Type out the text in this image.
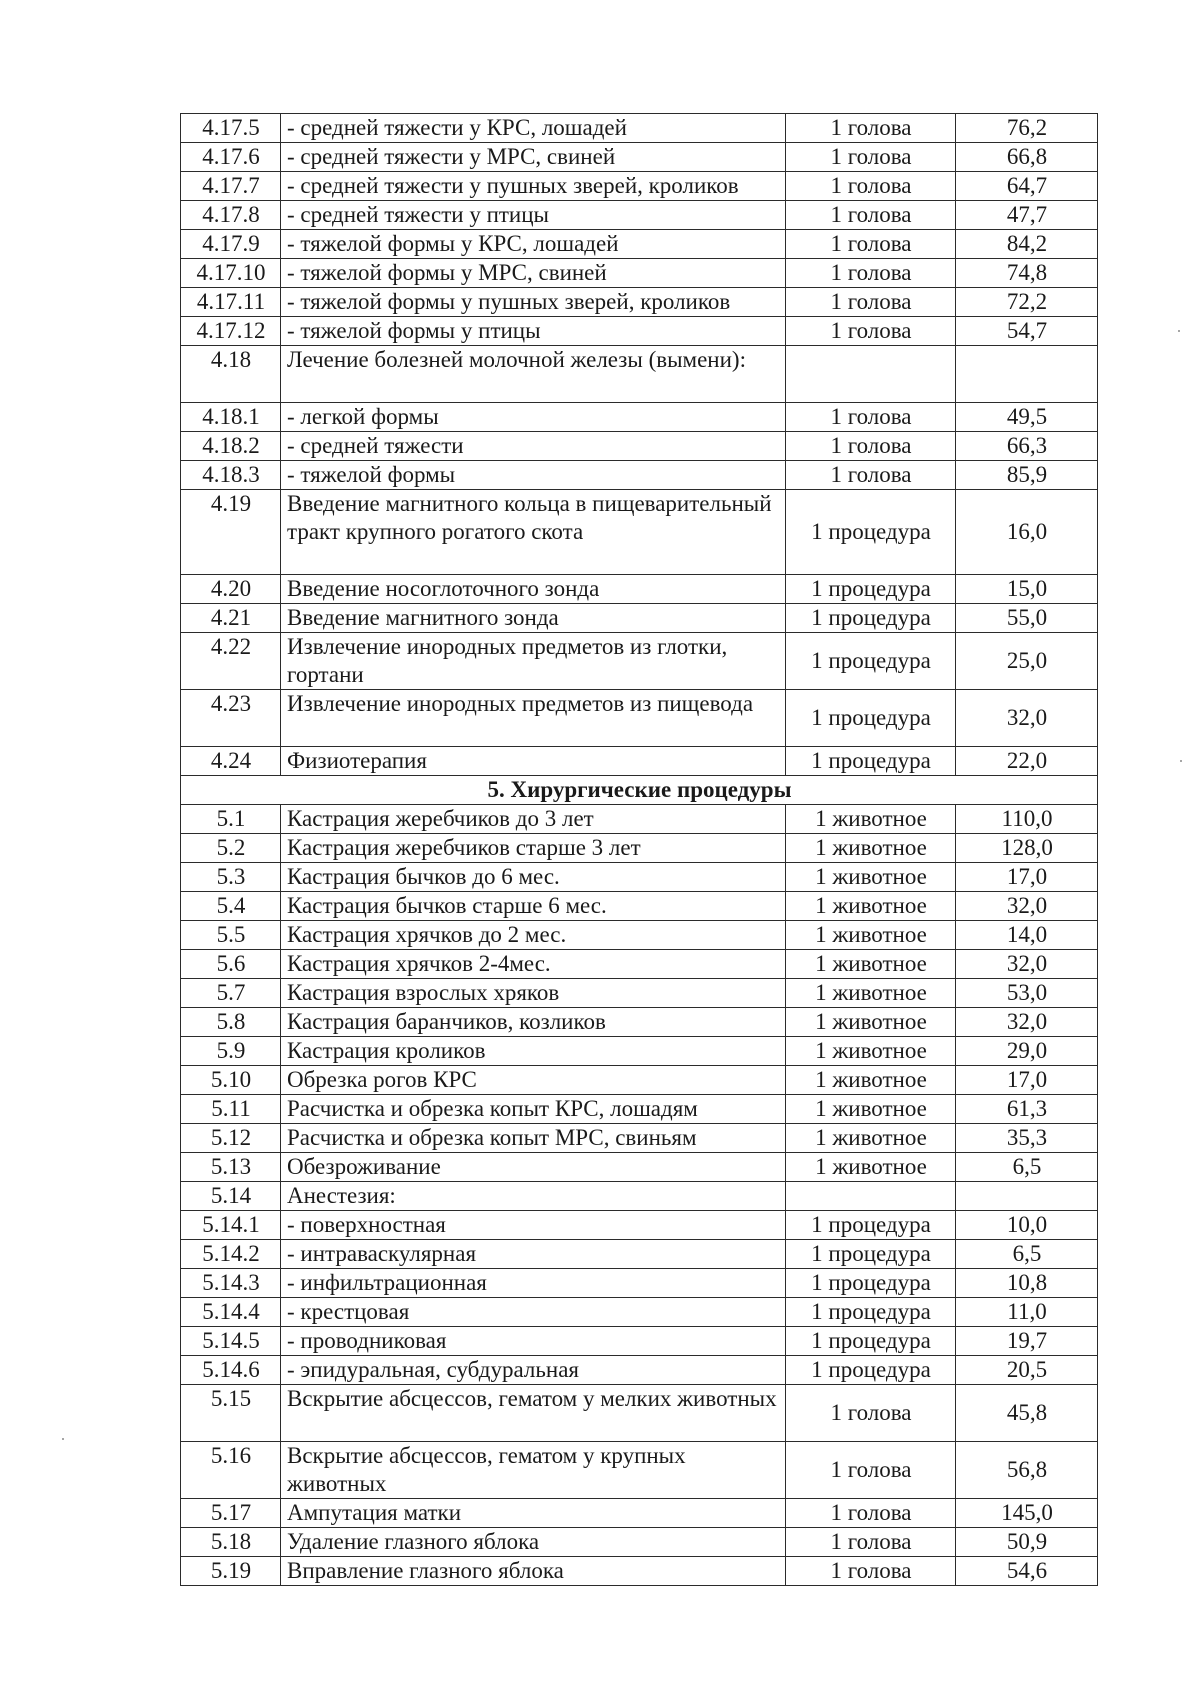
4.17.5	- средней тяжести у КРС, лошадей	1 голова	76,2
4.17.6	- средней тяжести у МРС, свиней	1 голова	66,8
4.17.7	- средней тяжести у пушных зверей, кроликов	1 голова	64,7
4.17.8	- средней тяжести у птицы	1 голова	47,7
4.17.9	- тяжелой формы у КРС, лошадей	1 голова	84,2
4.17.10	- тяжелой формы у МРС, свиней	1 голова	74,8
4.17.11	- тяжелой формы у пушных зверей, кроликов	1 голова	72,2
4.17.12	- тяжелой формы у птицы	1 голова	54,7
4.18	Лечение болезней молочной железы (вымени):		
4.18.1	- легкой формы	1 голова	49,5
4.18.2	- средней тяжести	1 голова	66,3
4.18.3	- тяжелой формы	1 голова	85,9
4.19	Введение магнитного кольца в пищеварительный тракт крупного рогатого скота	1 процедура	16,0
4.20	Введение носоглоточного зонда	1 процедура	15,0
4.21	Введение магнитного зонда	1 процедура	55,0
4.22	Извлечение инородных предметов из глотки, гортани	1 процедура	25,0
4.23	Извлечение инородных предметов из пищевода	1 процедура	32,0
4.24	Физиотерапия	1 процедура	22,0
5. Хирургические процедуры			
5.1	Кастрация жеребчиков до 3 лет	1 животное	110,0
5.2	Кастрация жеребчиков старше 3 лет	1 животное	128,0
5.3	Кастрация бычков до 6 мес.	1 животное	17,0
5.4	Кастрация бычков старше 6 мес.	1 животное	32,0
5.5	Кастрация хрячков до 2 мес.	1 животное	14,0
5.6	Кастрация хрячков 2-4мес.	1 животное	32,0
5.7	Кастрация взрослых хряков	1 животное	53,0
5.8	Кастрация баранчиков, козликов	1 животное	32,0
5.9	Кастрация кроликов	1 животное	29,0
5.10	Обрезка рогов КРС	1 животное	17,0
5.11	Расчистка и обрезка копыт КРС, лошадям	1 животное	61,3
5.12	Расчистка и обрезка копыт МРС, свиньям	1 животное	35,3
5.13	Обезроживание	1 животное	6,5
5.14	Анестезия:		
5.14.1	- поверхностная	1 процедура	10,0
5.14.2	- интраваскулярная	1 процедура	6,5
5.14.3	- инфильтрационная	1 процедура	10,8
5.14.4	- крестцовая	1 процедура	11,0
5.14.5	- проводниковая	1 процедура	19,7
5.14.6	- эпидуральная, субдуральная	1 процедура	20,5
5.15	Вскрытие абсцессов, гематом у мелких животных	1 голова	45,8
5.16	Вскрытие абсцессов, гематом у крупных животных	1 голова	56,8
5.17	Ампутация матки	1 голова	145,0
5.18	Удаление глазного яблока	1 голова	50,9
5.19	Вправление глазного яблока	1 голова	54,6
